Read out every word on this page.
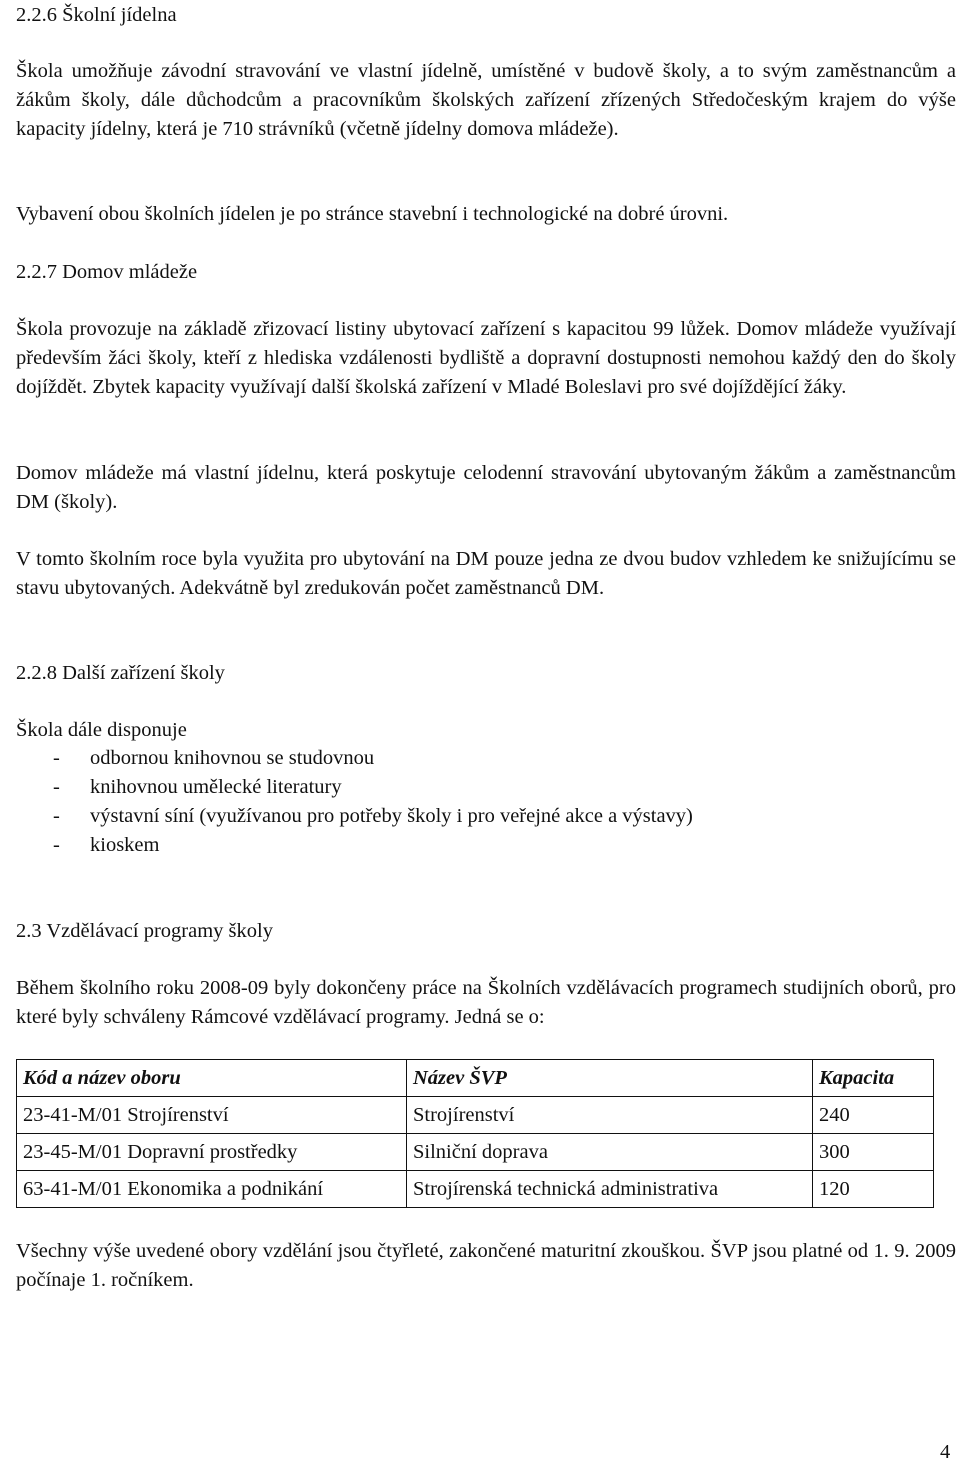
2.2.6 Školní jídelna

Škola umožňuje závodní stravování ve vlastní jídelně, umístěné v budově školy, a to svým zaměstnancům a žákům školy, dále důchodcům a pracovníkům školských zařízení zřízených Středočeským krajem do výše kapacity jídelny, která je 710 strávníků (včetně jídelny domova mládeže).

Vybavení obou školních jídelen je po stránce stavební i technologické na dobré úrovni.

2.2.7 Domov mládeže

Škola provozuje na základě zřizovací listiny ubytovací zařízení s kapacitou 99 lůžek. Domov mládeže využívají především žáci školy, kteří z hlediska vzdálenosti bydliště a dopravní dostupnosti nemohou každý den do školy dojíždět. Zbytek kapacity využívají další školská zařízení v Mladé Boleslavi pro své dojíždějící žáky.

Domov mládeže má vlastní jídelnu, která poskytuje celodenní stravování ubytovaným žákům a zaměstnancům DM (školy).

V tomto školním roce byla využita pro ubytování na DM pouze jedna ze dvou budov vzhledem ke snižujícímu se stavu ubytovaných. Adekvátně byl zredukován počet zaměstnanců DM.

2.2.8 Další zařízení školy

Škola dále disponuje

- odbornou knihovnou se studovnou
- knihovnou umělecké literatury
- výstavní síní (využívanou pro potřeby školy i pro veřejné akce a výstavy)
- kioskem
2.3 Vzdělávací programy školy

Během školního roku 2008-09 byly dokončeny práce na Školních vzdělávacích programech studijních oborů, pro které byly schváleny Rámcové vzdělávací programy. Jedná se o:

Kód a název oboru	Název ŠVP	Kapacita
23-41-M/01 Strojírenství	Strojírenství	240
23-45-M/01 Dopravní prostředky	Silniční doprava	300
63-41-M/01 Ekonomika a podnikání	Strojírenská technická administrativa	120

Všechny výše uvedené obory vzdělání jsou čtyřleté, zakončené maturitní zkouškou. ŠVP jsou platné od 1. 9. 2009 počínaje 1. ročníkem.

4
